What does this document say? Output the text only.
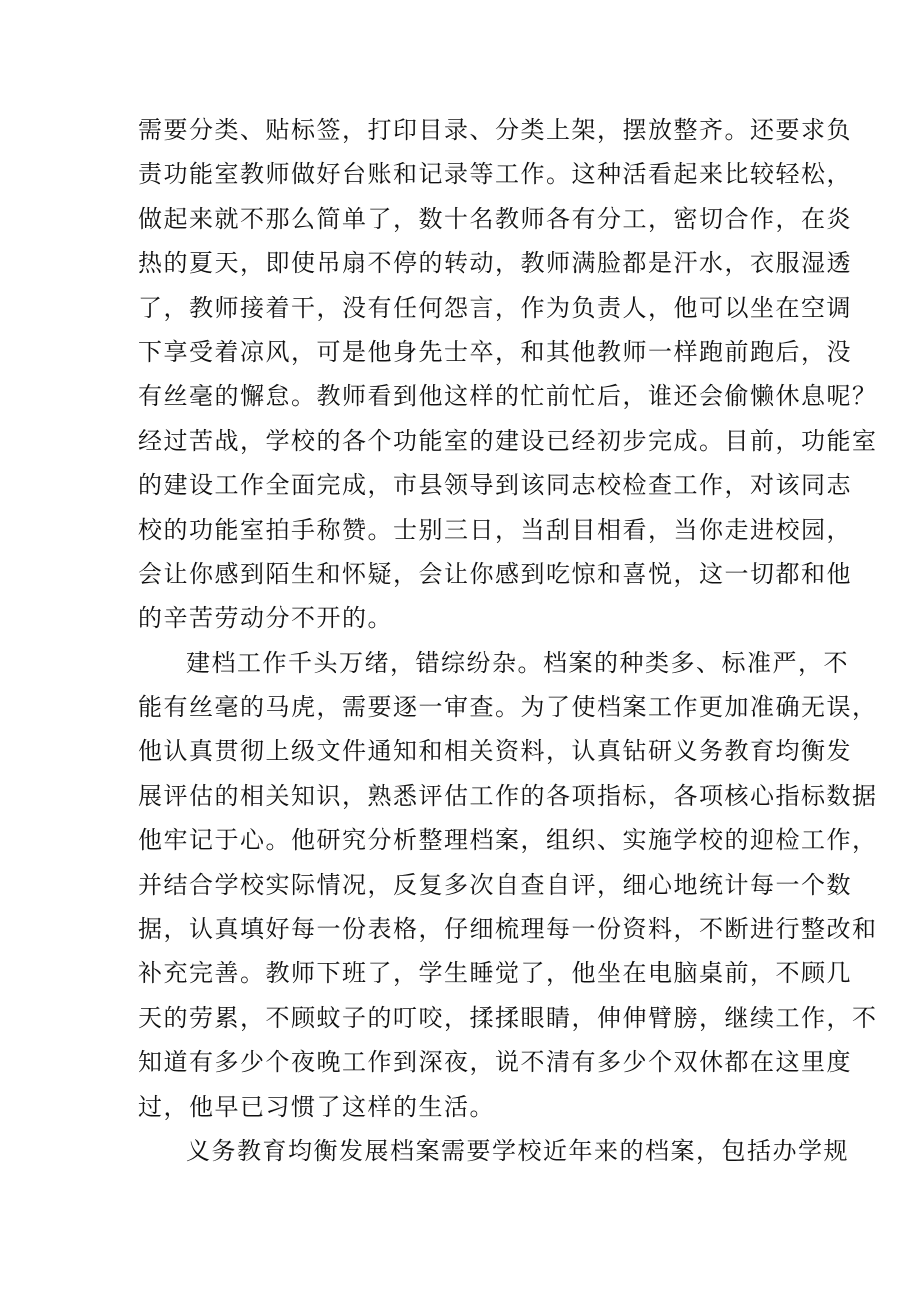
需要分类、贴标签，打印目录、分类上架，摆放整齐。还要求负
责功能室教师做好台账和记录等工作。这种活看起来比较轻松，
做起来就不那么简单了，数十名教师各有分工，密切合作，在炎
热的夏天，即使吊扇不停的转动，教师满脸都是汗水，衣服湿透
了，教师接着干，没有任何怨言，作为负责人，他可以坐在空调
下享受着凉风，可是他身先士卒，和其他教师一样跑前跑后，没
有丝毫的懈怠。教师看到他这样的忙前忙后，谁还会偷懒休息呢？
经过苦战，学校的各个功能室的建设已经初步完成。目前，功能室
的建设工作全面完成，市县领导到该同志校检查工作，对该同志
校的功能室拍手称赞。士别三日，当刮目相看，当你走进校园，
会让你感到陌生和怀疑，会让你感到吃惊和喜悦，这一切都和他
的辛苦劳动分不开的。
建档工作千头万绪，错综纷杂。档案的种类多、标准严，不
能有丝毫的马虎，需要逐一审查。为了使档案工作更加准确无误，
他认真贯彻上级文件通知和相关资料，认真钻研义务教育均衡发
展评估的相关知识，熟悉评估工作的各项指标，各项核心指标数据
他牢记于心。他研究分析整理档案，组织、实施学校的迎检工作，
并结合学校实际情况，反复多次自查自评，细心地统计每一个数
据，认真填好每一份表格，仔细梳理每一份资料，不断进行整改和
补充完善。教师下班了，学生睡觉了，他坐在电脑桌前，不顾几
天的劳累，不顾蚊子的叮咬，揉揉眼睛，伸伸臂膀，继续工作，不
知道有多少个夜晚工作到深夜，说不清有多少个双休都在这里度
过，他早已习惯了这样的生活。
义务教育均衡发展档案需要学校近年来的档案，包括办学规
